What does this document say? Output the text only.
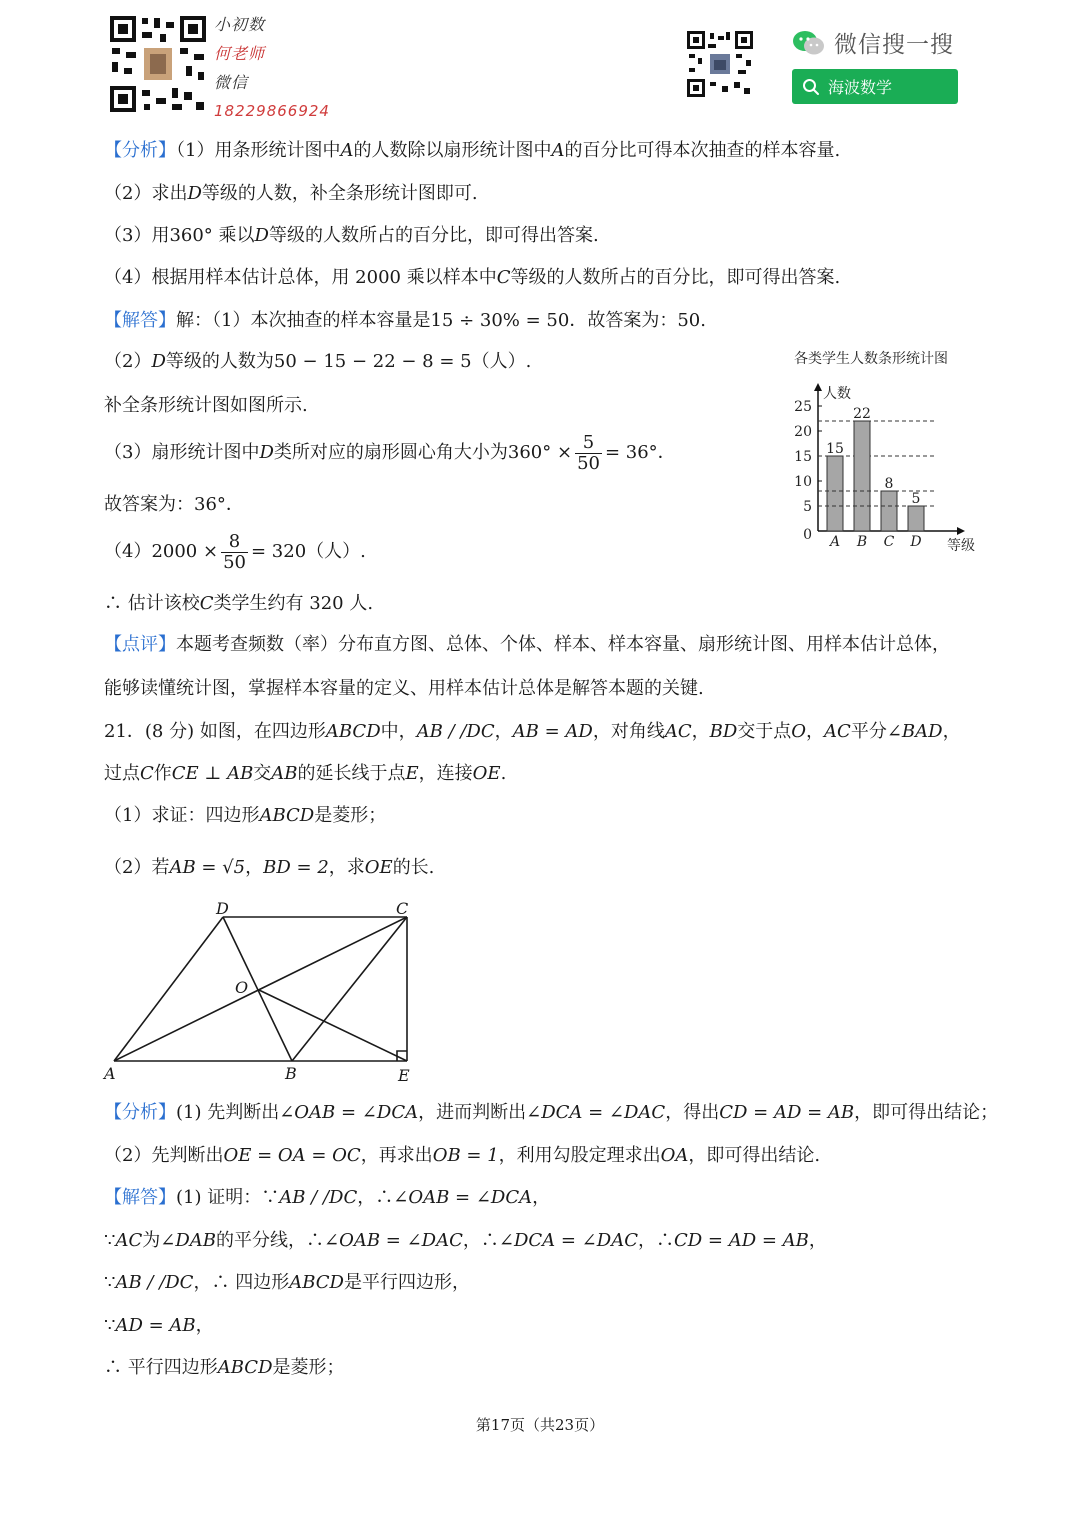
小初数
何老师
微信
18229866924
微信搜一搜
海波数学
【分析】（1）用条形统计图中A的人数除以扇形统计图中A的百分比可得本次抽查的样本容量.
（2）求出D等级的人数，补全条形统计图即可.
（3）用360° 乘以D等级的人数所占的百分比，即可得出答案.
（4）根据用样本估计总体，用 2000 乘以样本中C等级的人数所占的百分比，即可得出答案.
【解答】解：（1）本次抽查的样本容量是15 ÷ 30% = 50．故答案为：50.
（2）D等级的人数为50 − 15 − 22 − 8 = 5（人）.
补全条形统计图如图所示.
（3）扇形统计图中D类所对应的扇形圆心角大小为$360^\circ \times \frac{5}{50} = 36^\circ$．
故答案为：36°．
$(4)2000 \times \frac{8}{50} = 320$（人）.
∴ 估计该校C类学生约有 320 人.
【点评】本题考查频数（率）分布直方图、总体、个体、样本、样本容量、扇形统计图、用样本估计总体，
能够读懂统计图，掌握样本容量的定义、用样本估计总体是解答本题的关键.
各类学生人数条形统计图
人数
等级
0
5
10
15
20
25
15
A
22
B
8
C
5
D
21．(8 分) 如图，在四边形ABCD中，AB / /DC，AB = AD，对角线AC，BD交于点O，AC平分∠BAD，
过点C作CE ⊥ AB交AB的延长线于点E，连接OE.
（1）求证：四边形ABCD是菱形；
（2）若AB = √5，BD = 2，求OE的长.
A	B	E
D	C
O
【分析】(1) 先判断出∠OAB = ∠DCA，进而判断出∠DCA = ∠DAC，得出CD = AD = AB，即可得出结论；
（2）先判断出OE = OA = OC，再求出OB = 1，利用勾股定理求出OA，即可得出结论.
【解答】(1) 证明：∵AB / /DC，∴∠OAB = ∠DCA，
∵AC为∠DAB的平分线，∴∠OAB = ∠DAC，∴∠DCA = ∠DAC，∴CD = AD = AB，
∵AB / /DC，∴ 四边形ABCD是平行四边形，
∵AD = AB，
∴ 平行四边形ABCD是菱形；
第17页（共23页）
